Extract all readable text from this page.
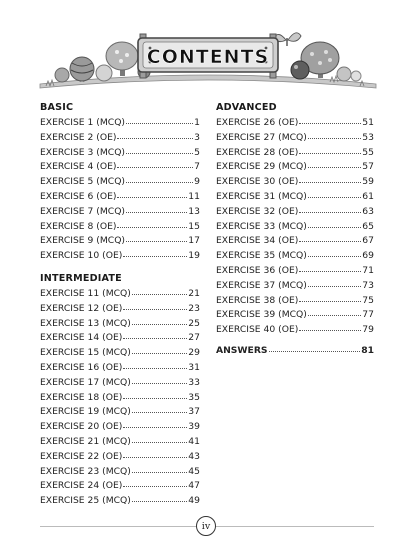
CONTENTS
BASIC
EXERCISE 1 (MCQ)	1
EXERCISE 2 (OE)	3
EXERCISE 3 (MCQ)	5
EXERCISE 4 (OE)	7
EXERCISE 5 (MCQ)	9
EXERCISE 6 (OE)	11
EXERCISE 7 (MCQ)	13
EXERCISE 8 (OE)	15
EXERCISE 9 (MCQ)	17
EXERCISE 10 (OE)	19
INTERMEDIATE
EXERCISE 11 (MCQ)	21
EXERCISE 12 (OE)	23
EXERCISE 13 (MCQ)	25
EXERCISE 14 (OE)	27
EXERCISE 15 (MCQ)	29
EXERCISE 16 (OE)	31
EXERCISE 17 (MCQ)	33
EXERCISE 18 (OE)	35
EXERCISE 19 (MCQ)	37
EXERCISE 20 (OE)	39
EXERCISE 21 (MCQ)	41
EXERCISE 22 (OE)	43
EXERCISE 23 (MCQ)	45
EXERCISE 24 (OE)	47
EXERCISE 25 (MCQ)	49
ADVANCED
EXERCISE 26 (OE)	51
EXERCISE 27 (MCQ)	53
EXERCISE 28 (OE)	55
EXERCISE 29 (MCQ)	57
EXERCISE 30 (OE)	59
EXERCISE 31 (MCQ)	61
EXERCISE 32 (OE)	63
EXERCISE 33 (MCQ)	65
EXERCISE 34 (OE)	67
EXERCISE 35 (MCQ)	69
EXERCISE 36 (OE)	71
EXERCISE 37 (MCQ)	73
EXERCISE 38 (OE)	75
EXERCISE 39 (MCQ)	77
EXERCISE 40 (OE)	79
ANSWERS	81
iv
